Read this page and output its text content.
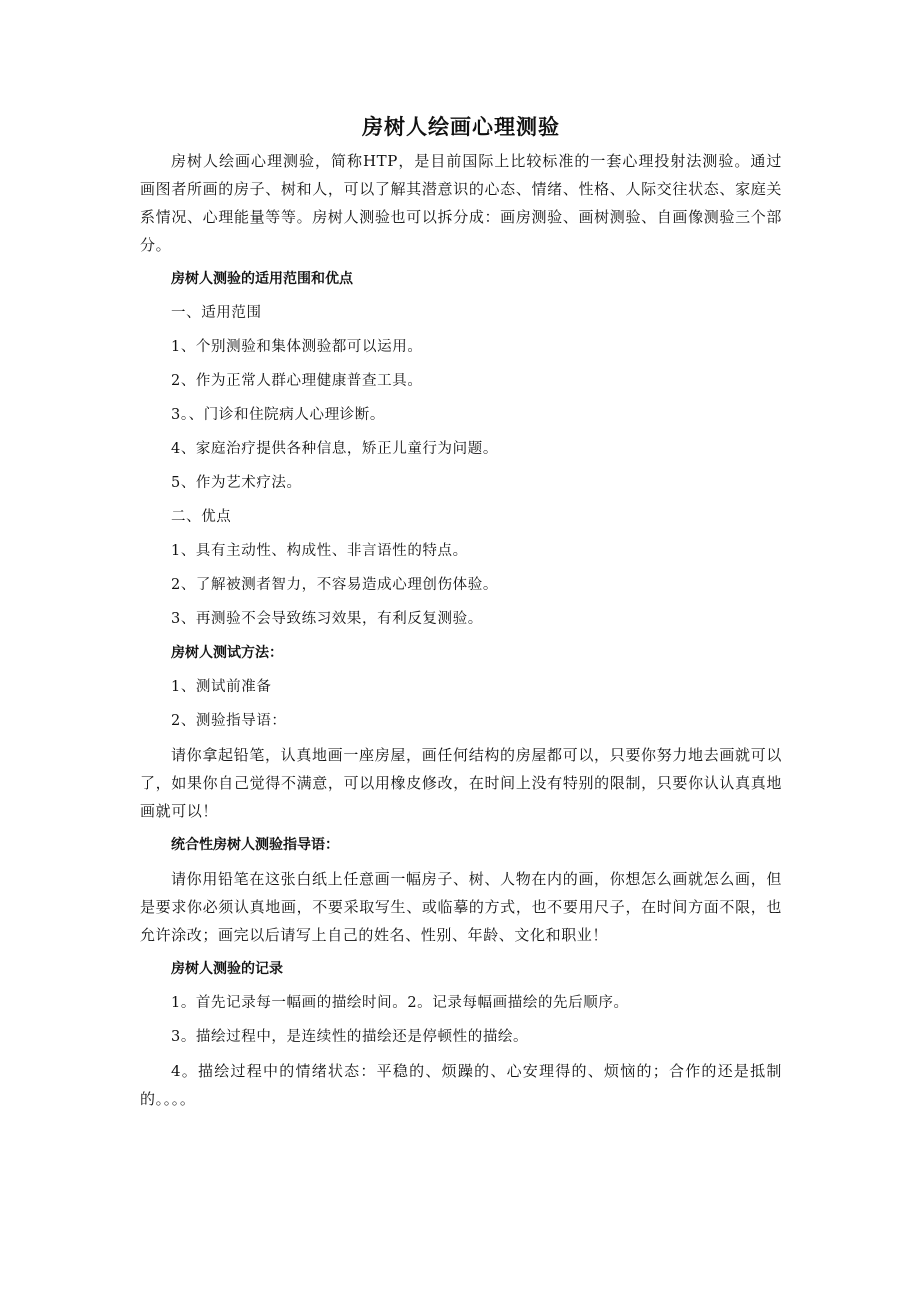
房树人绘画心理测验

房树人绘画心理测验，简称HTP，是目前国际上比较标准的一套心理投射法测验。通过画图者所画的房子、树和人，可以了解其潜意识的心态、情绪、性格、人际交往状态、家庭关系情况、心理能量等等。房树人测验也可以拆分成：画房测验、画树测验、自画像测验三个部分。

房树人测验的适用范围和优点

一、适用范围

1、个别测验和集体测验都可以运用。

2、作为正常人群心理健康普查工具。

3。、门诊和住院病人心理诊断。

4、家庭治疗提供各种信息，矫正儿童行为问题。

5、作为艺术疗法。

二、优点

1、具有主动性、构成性、非言语性的特点。

2、了解被测者智力，不容易造成心理创伤体验。

3、再测验不会导致练习效果，有利反复测验。

房树人测试方法：

1、测试前准备

2、测验指导语：

请你拿起铅笔，认真地画一座房屋，画任何结构的房屋都可以，只要你努力地去画就可以了，如果你自己觉得不满意，可以用橡皮修改，在时间上没有特别的限制，只要你认认真真地画就可以！

统合性房树人测验指导语：

请你用铅笔在这张白纸上任意画一幅房子、树、人物在内的画，你想怎么画就怎么画，但是要求你必须认真地画，不要采取写生、或临摹的方式，也不要用尺子，在时间方面不限，也允许涂改；画完以后请写上自己的姓名、性别、年龄、文化和职业！

房树人测验的记录

1。首先记录每一幅画的描绘时间。2。记录每幅画描绘的先后顺序。

3。描绘过程中，是连续性的描绘还是停顿性的描绘。

4。描绘过程中的情绪状态：平稳的、烦躁的、心安理得的、烦恼的；合作的还是抵制的。。。。
